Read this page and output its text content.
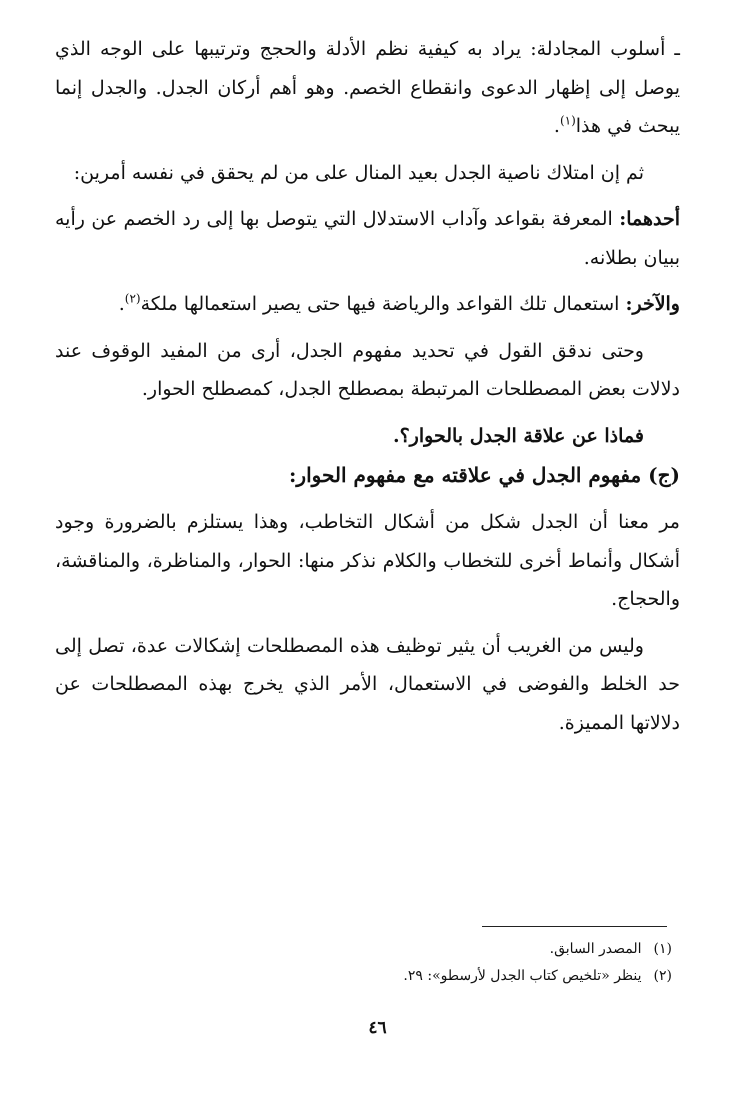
ـ أسلوب المجادلة: يراد به كيفية نظم الأدلة والحجج وترتيبها على الوجه الذي يوصل إلى إظهار الدعوى وانقطاع الخصم. وهو أهم أركان الجدل. والجدل إنما يبحث في هذا$^{(١)}$.

ثم إن امتلاك ناصية الجدل بعيد المنال على من لم يحقق في نفسه أمرين:

أحدهما: المعرفة بقواعد وآداب الاستدلال التي يتوصل بها إلى رد الخصم عن رأيه ببيان بطلانه.

والآخر: استعمال تلك القواعد والرياضة فيها حتى يصير استعمالها ملكة$^{(٢)}$.

وحتى ندقق القول في تحديد مفهوم الجدل، أرى من المفيد الوقوف عند دلالات بعض المصطلحات المرتبطة بمصطلح الجدل، كمصطلح الحوار.

فماذا عن علاقة الجدل بالحوار؟.

(ج) مفهوم الجدل في علاقته مع مفهوم الحوار:

مر معنا أن الجدل شكل من أشكال التخاطب، وهذا يستلزم بالضرورة وجود أشكال وأنماط أخرى للتخطاب والكلام نذكر منها: الحوار، والمناظرة، والمناقشة، والحجاج.

وليس من الغريب أن يثير توظيف هذه المصطلحات إشكالات عدة، تصل إلى حد الخلط والفوضى في الاستعمال، الأمر الذي يخرج بهذه المصطلحات عن دلالاتها المميزة.

(١) المصدر السابق.

(٢) ينظر «تلخيص كتاب الجدل لأرسطو»: ٢٩.

٤٦
